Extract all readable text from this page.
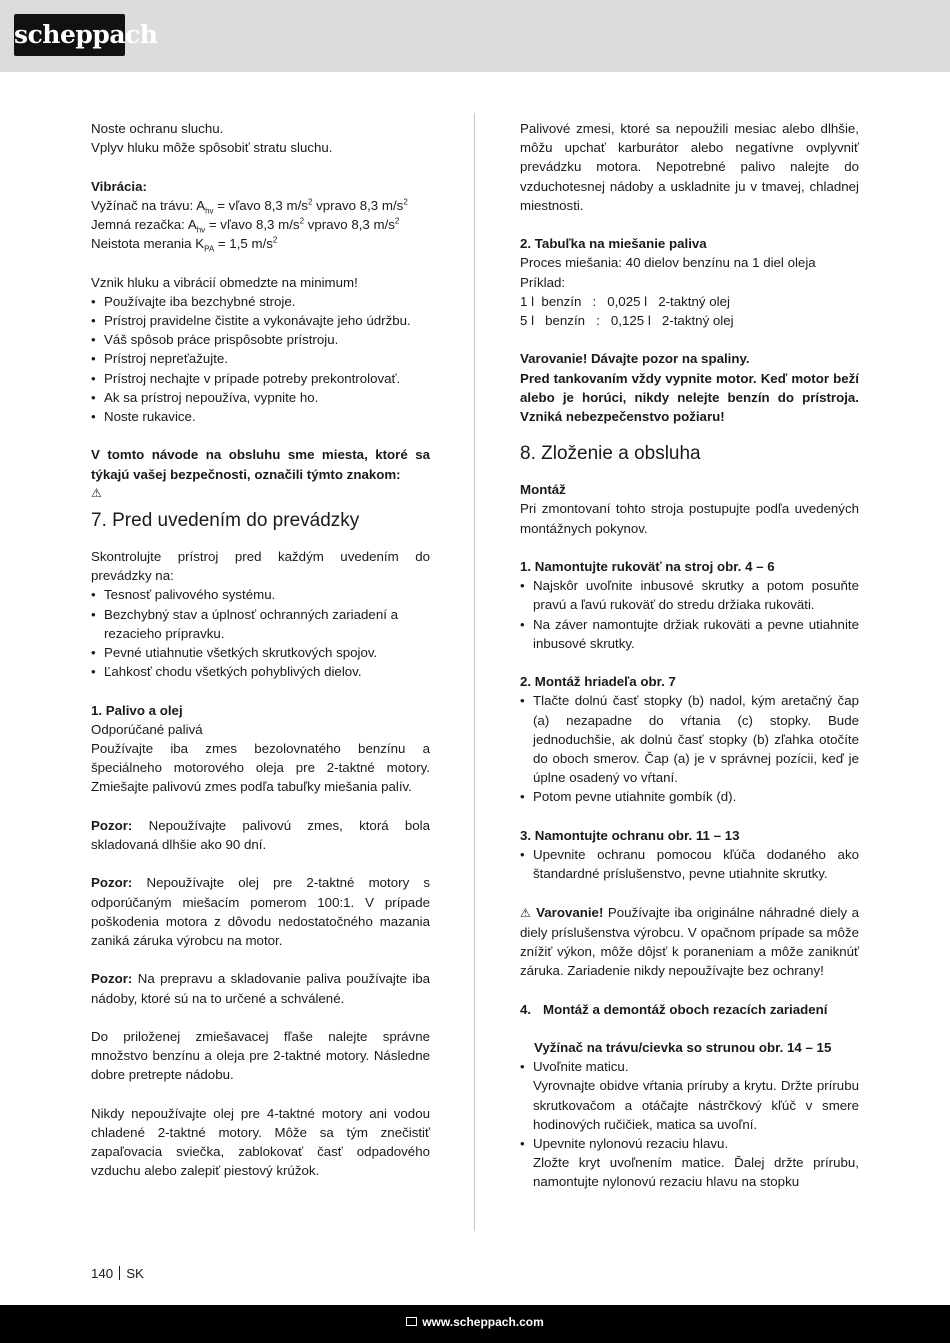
scheppach

Noste ochranu sluchu.

Vplyv hluku môže spôsobiť stratu sluchu.

Vibrácia:

Vyžínač na trávu: $A_{hv}$ = vľavo 8,3 $m/s^2$ vpravo 8,3 $m/s^2$

Jemná rezačka: $A_{hv}$ = vľavo 8,3 $m/s^2$ vpravo 8,3 $m/s^2$

Neistota merania $K_{PA} = 1,5$ $m/s^2$

Vznik hluku a vibrácií obmedzte na minimum!

• Používajte iba bezchybné stroje.
• Prístroj pravidelne čistite a vykonávajte jeho údržbu.
• Váš spôsob práce prispôsobte prístroju.
• Prístroj nepreťažujte.
• Prístroj nechajte v prípade potreby prekontrolovať.
• Ak sa prístroj nepoužíva, vypnite ho.
• Noste rukavice.

V tomto návode na obsluhu sme miesta, ktoré sa týkajú vašej bezpečnosti, označili týmto znakom:

⚠

7. Pred uvedením do prevádzky

Skontrolujte prístroj pred každým uvedením do prevádzky na:

• Tesnosť palivového systému.
• Bezchybný stav a úplnosť ochranných zariadení a rezacieho prípravku.
• Pevné utiahnutie všetkých skrutkových spojov.
• Ľahkosť chodu všetkých pohyblivých dielov.

1. Palivo a olej

Odporúčané palivá

Používajte iba zmes bezolovnatého benzínu a špeciálneho motorového oleja pre 2-taktné motory. Zmiešajte palivovú zmes podľa tabuľky miešania palív.

Pozor: Nepoužívajte palivovú zmes, ktorá bola skladovaná dlhšie ako 90 dní.

Pozor: Nepoužívajte olej pre 2-taktné motory s odporúčaným miešacím pomerom 100:1. V prípade poškodenia motora z dôvodu nedostatočného mazania zaniká záruka výrobcu na motor.

Pozor: Na prepravu a skladovanie paliva používajte iba nádoby, ktoré sú na to určené a schválené.

Do priloženej zmiešavacej fľaše nalejte správne množstvo benzínu a oleja pre 2-taktné motory. Následne dobre pretrepte nádobu.

Nikdy nepoužívajte olej pre 4-taktné motory ani vodou chladené 2-taktné motory. Môže sa tým znečistiť zapaľovacia sviečka, zablokovať časť odpadového vzduchu alebo zalepiť piestový krúžok.

Palivové zmesi, ktoré sa nepoužili mesiac alebo dlhšie, môžu upchať karburátor alebo negatívne ovplyvniť prevádzku motora. Nepotrebné palivo nalejte do vzduchotesnej nádoby a uskladnite ju v tmavej, chladnej miestnosti.

2. Tabuľka na miešanie paliva

Proces miešania: 40 dielov benzínu na 1 diel oleja

Príklad:

1 l  benzín   :   0,025 l   2-taktný olej

5 l   benzín   :   0,125 l   2-taktný olej

Varovanie! Dávajte pozor na spaliny.

Pred tankovaním vždy vypnite motor. Keď motor beží alebo je horúci, nikdy nelejte benzín do prístroja. Vzniká nebezpečenstvo požiaru!

8. Zloženie a obsluha

Montáž

Pri zmontovaní tohto stroja postupujte podľa uvedených montážnych pokynov.

1. Namontujte rukoväť na stroj obr. 4 – 6

• Najskôr uvoľnite inbusové skrutky a potom posuňte pravú a ľavú rukoväť do stredu držiaka rukoväti.
• Na záver namontujte držiak rukoväti a pevne utiahnite inbusové skrutky.

2. Montáž hriadeľa obr. 7

• Tlačte dolnú časť stopky (b) nadol, kým aretačný čap (a) nezapadne do vŕtania (c) stopky. Bude jednoduchšie, ak dolnú časť stopky (b) zľahka otočíte do oboch smerov. Čap (a) je v správnej pozícii, keď je úplne osadený vo vŕtaní.
• Potom pevne utiahnite gombík (d).

3. Namontujte ochranu obr. 11 – 13

• Upevnite ochranu pomocou kľúča dodaného ako štandardné príslušenstvo, pevne utiahnite skrutky.

⚠ Varovanie! Používajte iba originálne náhradné diely a diely príslušenstva výrobcu. V opačnom prípade sa môže znížiť výkon, môže dôjsť k poraneniam a môže zaniknúť záruka. Zariadenie nikdy nepoužívajte bez ochrany!

4. Montáž a demontáž oboch rezacích zariadení

Vyžínač na trávu/cievka so strunou obr. 14 – 15

• Uvoľnite maticu.
Vyrovnajte obidve vŕtania príruby a krytu. Držte prírubu skrutkovačom a otáčajte nástrčkový kľúč v smere hodinových ručičiek, matica sa uvoľní.
• Upevnite nylonovú rezaciu hlavu.
Zložte kryt uvoľnením matice. Ďalej držte prírubu, namontujte nylonovú rezaciu hlavu na stopku
140 SK
www.scheppach.com
